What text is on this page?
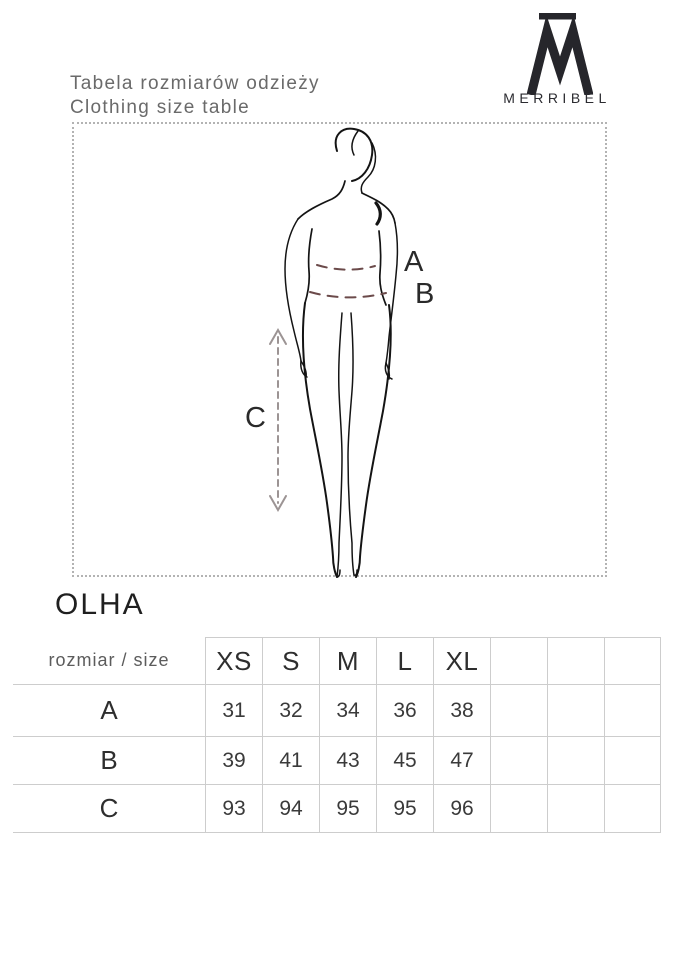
Tabela rozmiarów odzieży
Clothing size table	MERRIBEL
A
B
C
OLHA
rozmiar / size	XS	S	M	L	XL
A	31	32	34	36	38
B	39	41	43	45	47
C	93	94	95	95	96
